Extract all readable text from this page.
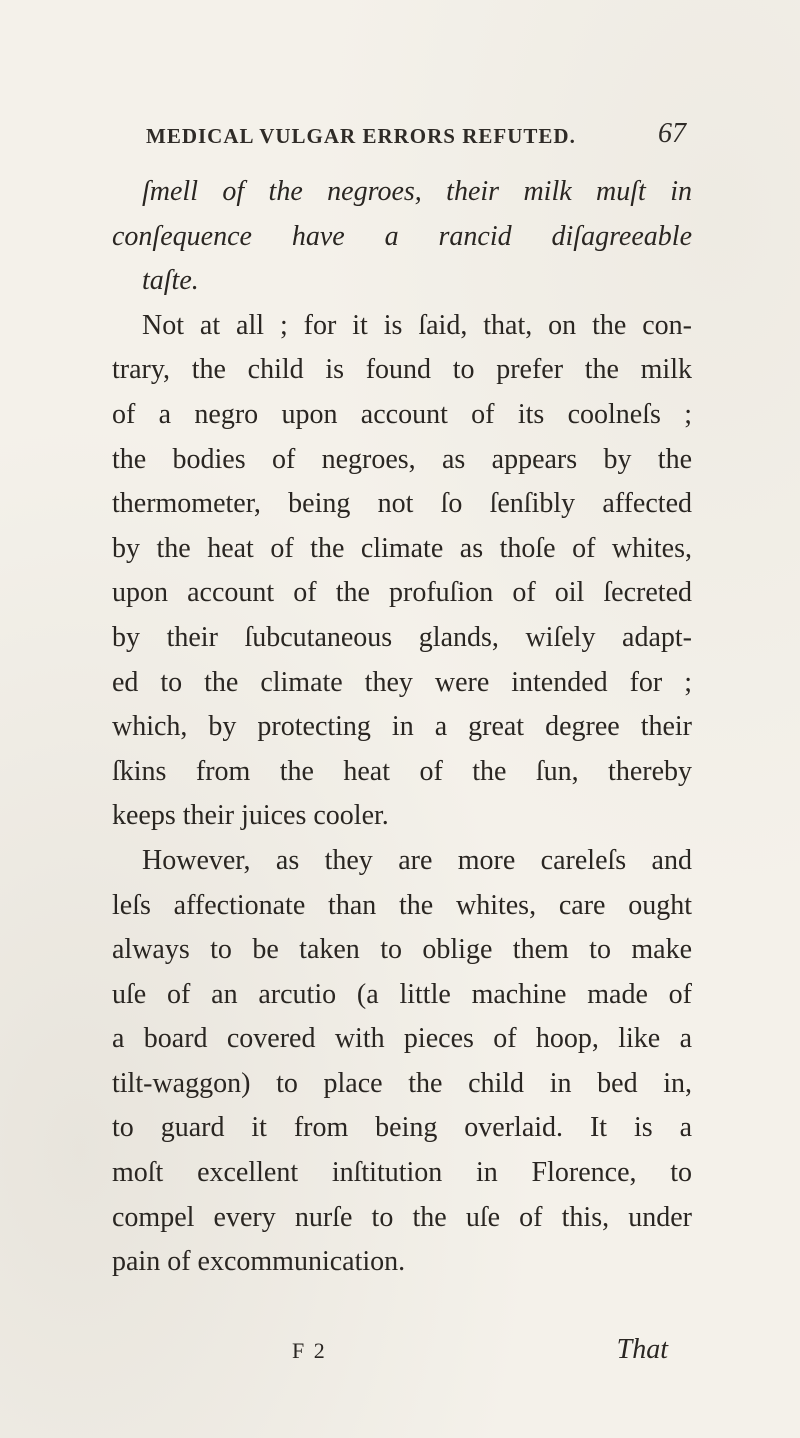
MEDICAL VULGAR ERRORS REFUTED.	67
ſmell of the negroes, their milk muſt in
conſequence have a rancid diſagreeable
taſte.
Not at all ; for it is ſaid, that, on the con-
trary, the child is found to prefer the milk
of a negro upon account of its coolneſs ;
the bodies of negroes, as appears by the
thermometer, being not ſo ſenſibly affected
by the heat of the climate as thoſe of whites,
upon account of the profuſion of oil ſecreted
by their ſubcutaneous glands, wiſely adapt-
ed to the climate they were intended for ;
which, by protecting in a great degree their
ſkins from the heat of the ſun, thereby
keeps their juices cooler.
However, as they are more careleſs and
leſs affectionate than the whites, care ought
always to be taken to oblige them to make
uſe of an arcutio (a little machine made of
a board covered with pieces of hoop, like a
tilt-waggon) to place the child in bed in,
to guard it from being overlaid. It is a
moſt excellent inſtitution in Florence, to
compel every nurſe to the uſe of this, under
pain of excommunication.
F 2	That
